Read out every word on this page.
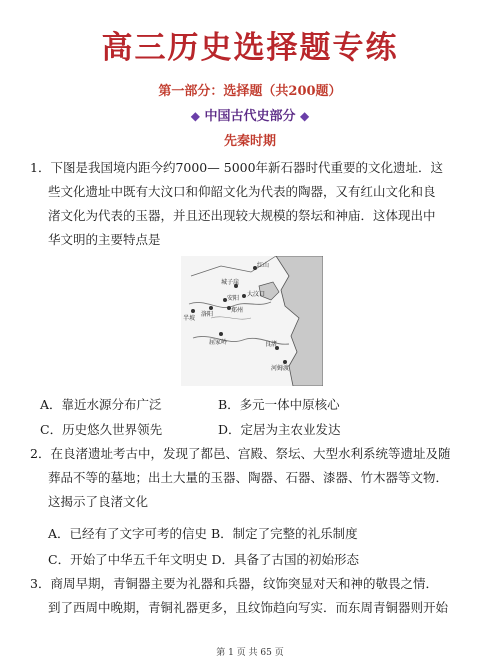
高三历史选择题专练
第一部分：选择题（共200题）
◆ 中国古代史部分 ◆
先秦时期
1．下图是我国境内距今约7000— 5000年新石器时代重要的文化遗址．这
些文化遗址中既有大汶口和仰韶文化为代表的陶器，又有红山文化和良
渚文化为代表的玉器，并且还出现较大规模的祭坛和神庙．这体现出中
华文明的主要特点是
红山
城子崖
大汶口
洛阳
半坡
郑州
安阳
良渚
河姆渡
屈家岭
A．靠近水源分布广泛	B．多元一体中原核心
C．历史悠久世界领先	D．定居为主农业发达
2．在良渚遗址考古中，发现了都邑、宫殿、祭坛、大型水利系统等遗址及随
葬品不等的墓地；出土大量的玉器、陶器、石器、漆器、竹木器等文物．
这揭示了良渚文化
A．已经有了文字可考的信史 B．制定了完整的礼乐制度
C．开始了中华五千年文明史 D．具备了古国的初始形态
3．商周早期，青铜器主要为礼器和兵器，纹饰突显对天和神的敬畏之情．
到了西周中晚期，青铜礼器更多，且纹饰趋向写实．而东周青铜器则开始
第 1 页 共 65 页
